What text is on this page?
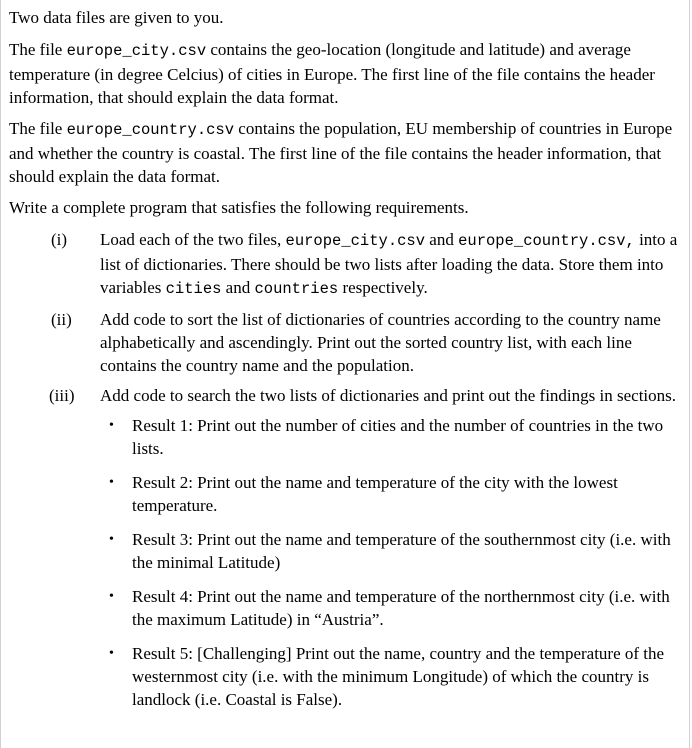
Two data files are given to you.

The file europe_city.csv contains the geo-location (longitude and latitude) and average temperature (in degree Celcius) of cities in Europe. The first line of the file contains the header information, that should explain the data format.

The file europe_country.csv contains the population, EU membership of countries in Europe and whether the country is coastal. The first line of the file contains the header information, that should explain the data format.

Write a complete program that satisfies the following requirements.

(i) Load each of the two files, europe_city.csv and europe_country.csv, into a list of dictionaries. There should be two lists after loading the data. Store them into variables cities and countries respectively.

(ii) Add code to sort the list of dictionaries of countries according to the country name alphabetically and ascendingly. Print out the sorted country list, with each line contains the country name and the population.

(iii) Add code to search the two lists of dictionaries and print out the findings in sections.

• Result 1: Print out the number of cities and the number of countries in the two lists.
• Result 2: Print out the name and temperature of the city with the lowest temperature.
• Result 3: Print out the name and temperature of the southernmost city (i.e. with the minimal Latitude)
• Result 4: Print out the name and temperature of the northernmost city (i.e. with the maximum Latitude) in “Austria”.
• Result 5: [Challenging] Print out the name, country and the temperature of the westernmost city (i.e. with the minimum Longitude) of which the country is landlock (i.e. Coastal is False).
